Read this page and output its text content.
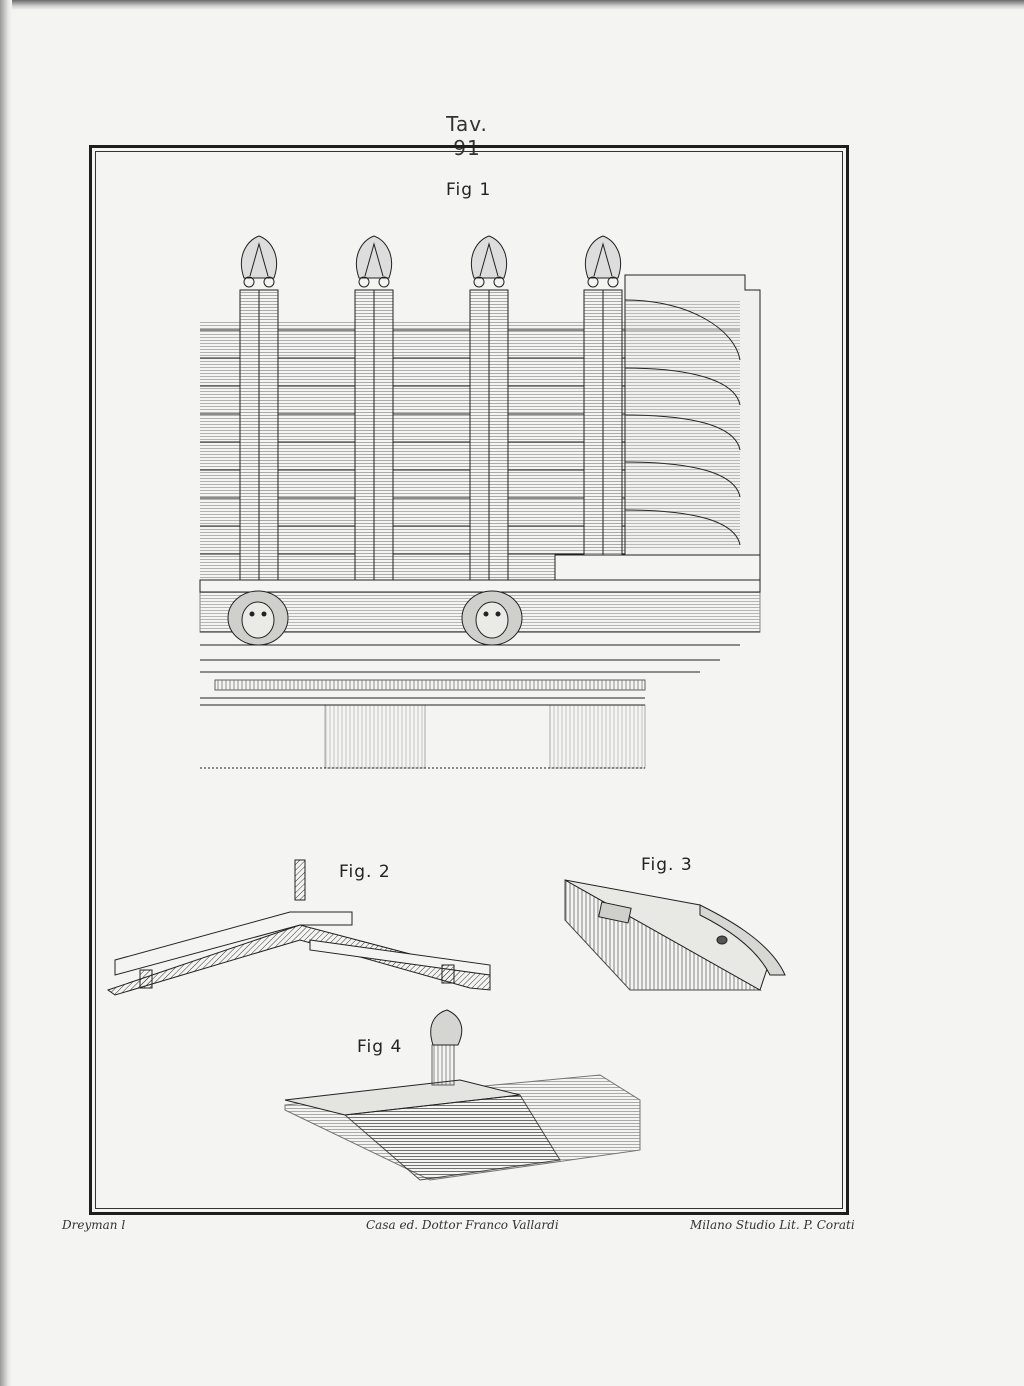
Tav. 91
Fig 1
Fig. 2	Fig. 3
Fig 4
Dreyman l	Casa ed. Dottor Franco Vallardi	Milano Studio Lit. P. Corati
